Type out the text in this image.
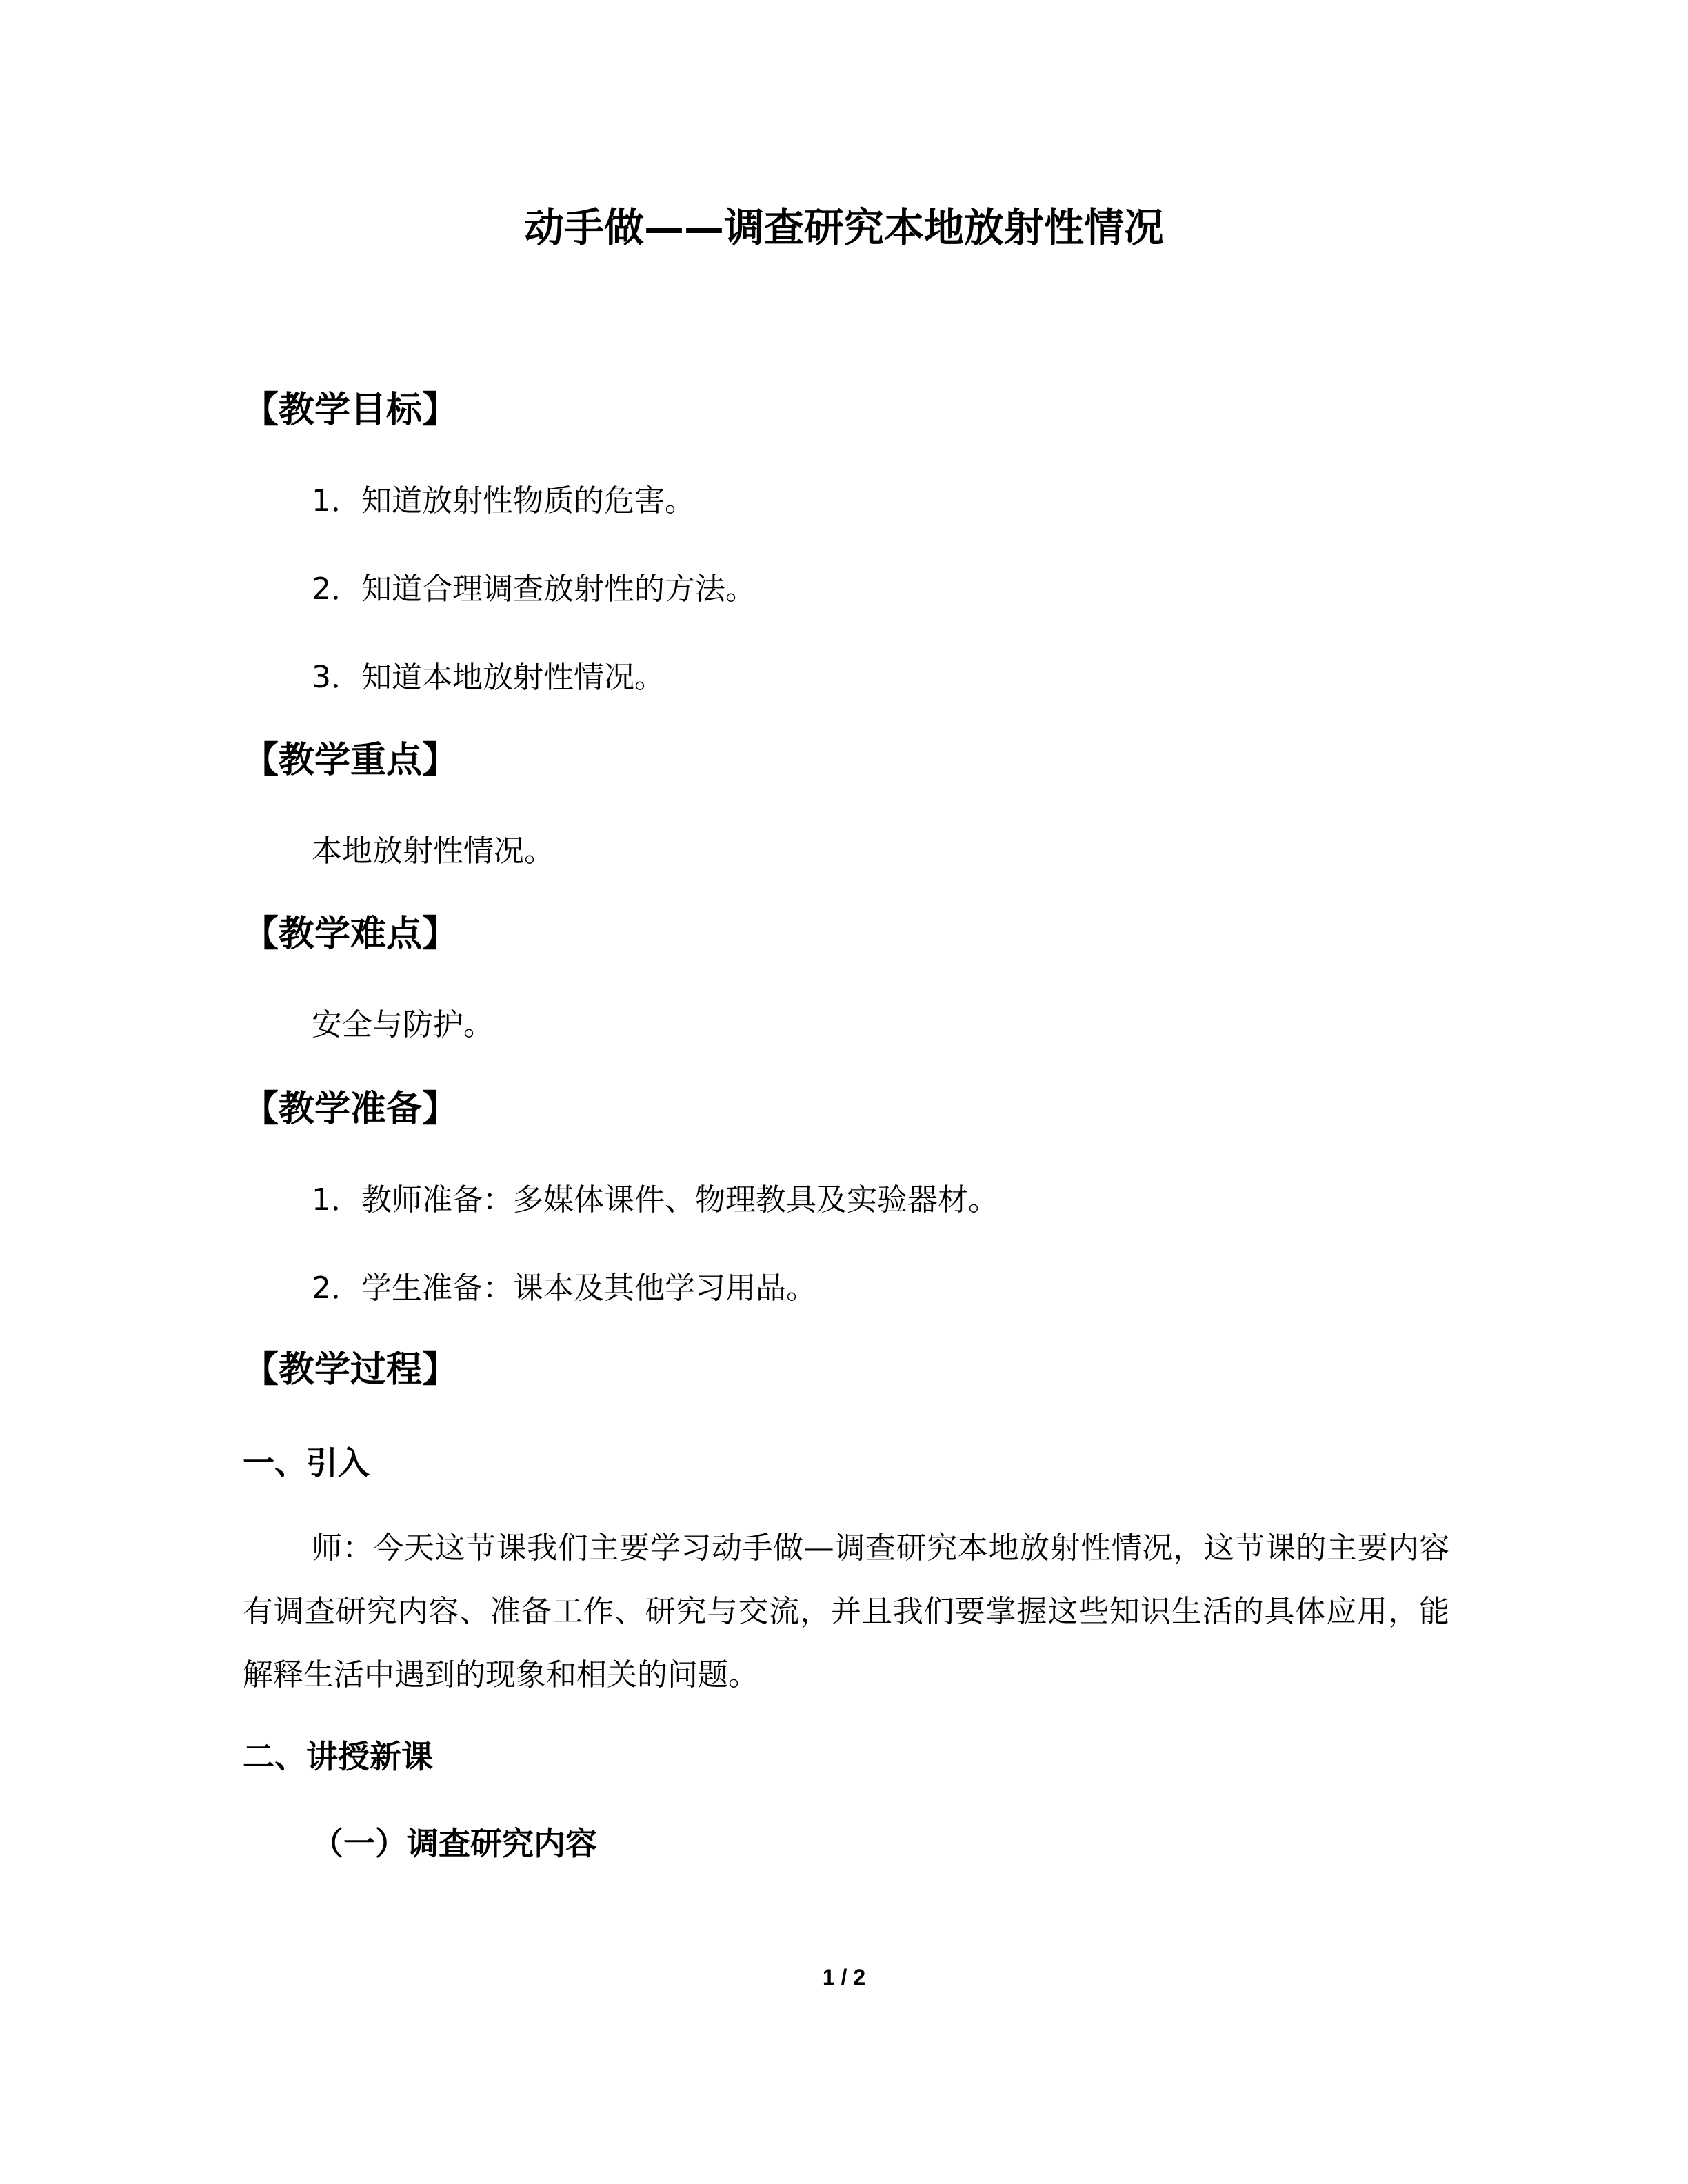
动手做——调查研究本地放射性情况
【教学目标】
1．知道放射性物质的危害。
2．知道合理调查放射性的方法。
3．知道本地放射性情况。
【教学重点】
本地放射性情况。
【教学难点】
安全与防护。
【教学准备】
1．教师准备：多媒体课件、物理教具及实验器材。
2．学生准备：课本及其他学习用品。
【教学过程】
一、引入
师：今天这节课我们主要学习动手做—调查研究本地放射性情况，这节课的主要内容有调查研究内容、准备工作、研究与交流，并且我们要掌握这些知识生活的具体应用，能解释生活中遇到的现象和相关的问题。
二、讲授新课
（一）调查研究内容
1 / 2
